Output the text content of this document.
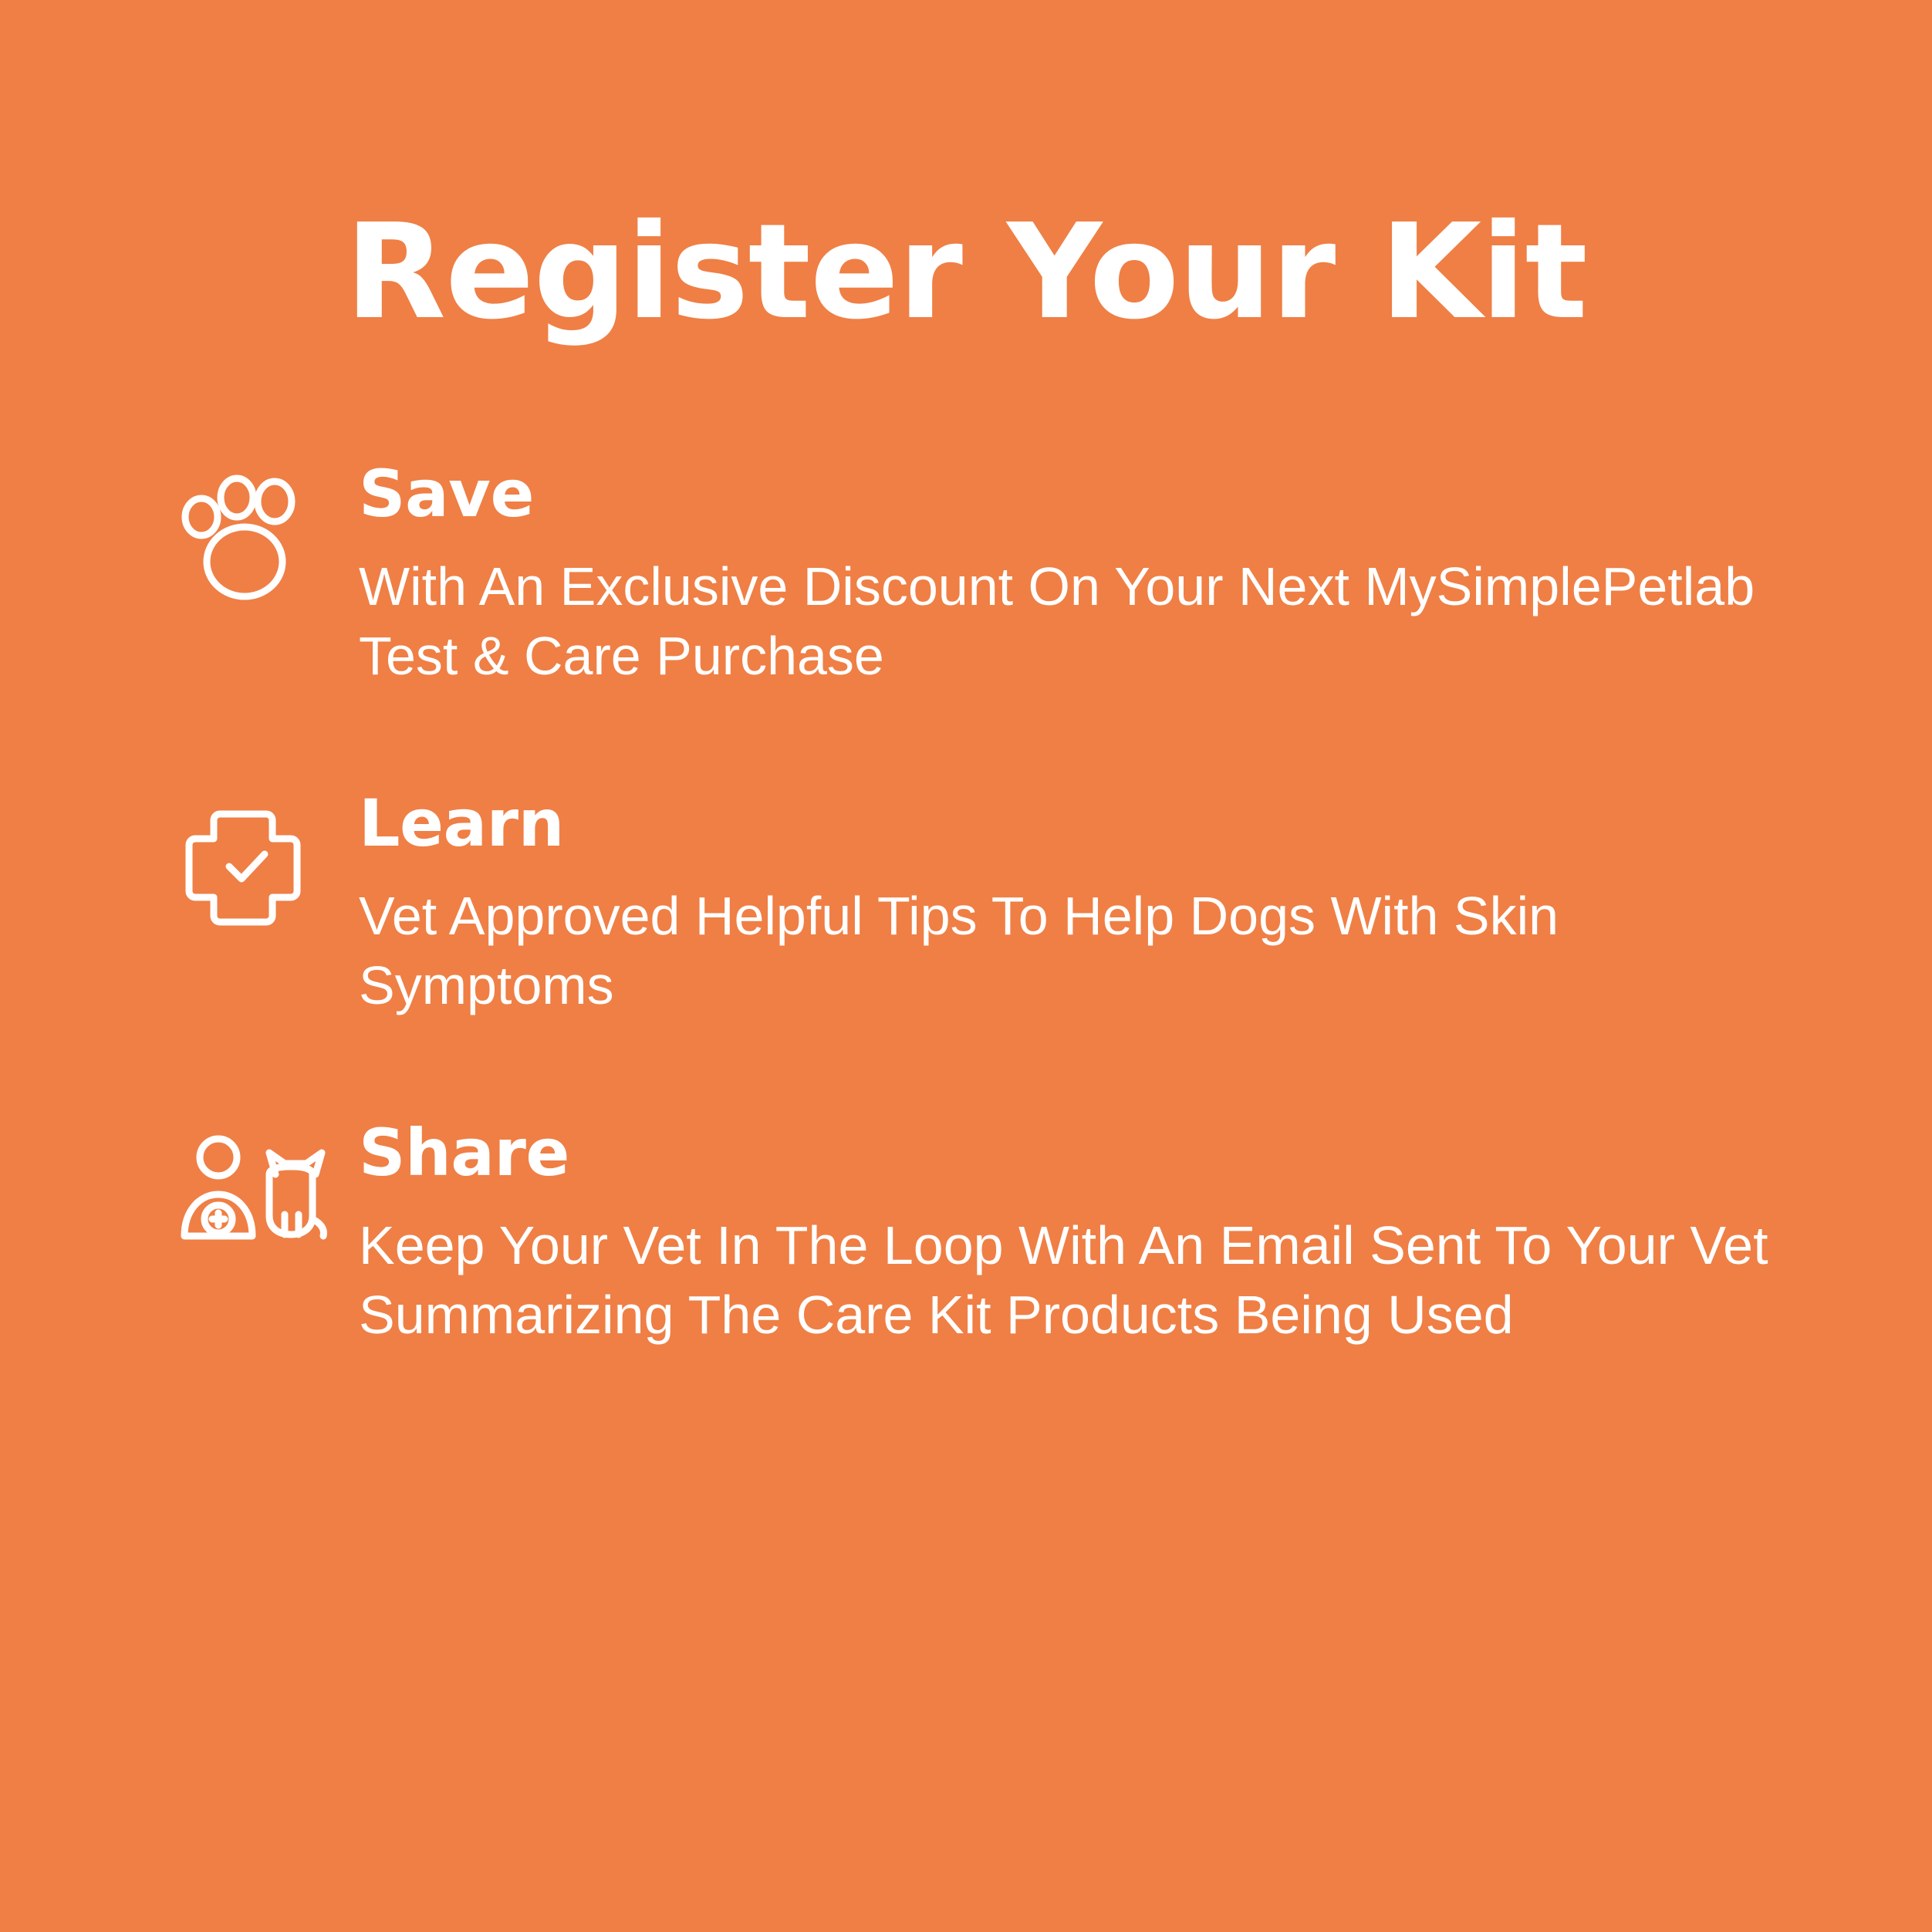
Register Your Kit
Save

With An Exclusive Discount On Your Next MySimplePetlab Test & Care Purchase

Learn

Vet Approved Helpful Tips To Help Dogs With Skin Symptoms

Share

Keep Your Vet In The Loop With An Email Sent To Your Vet Summarizing The Care Kit Products Being Used
